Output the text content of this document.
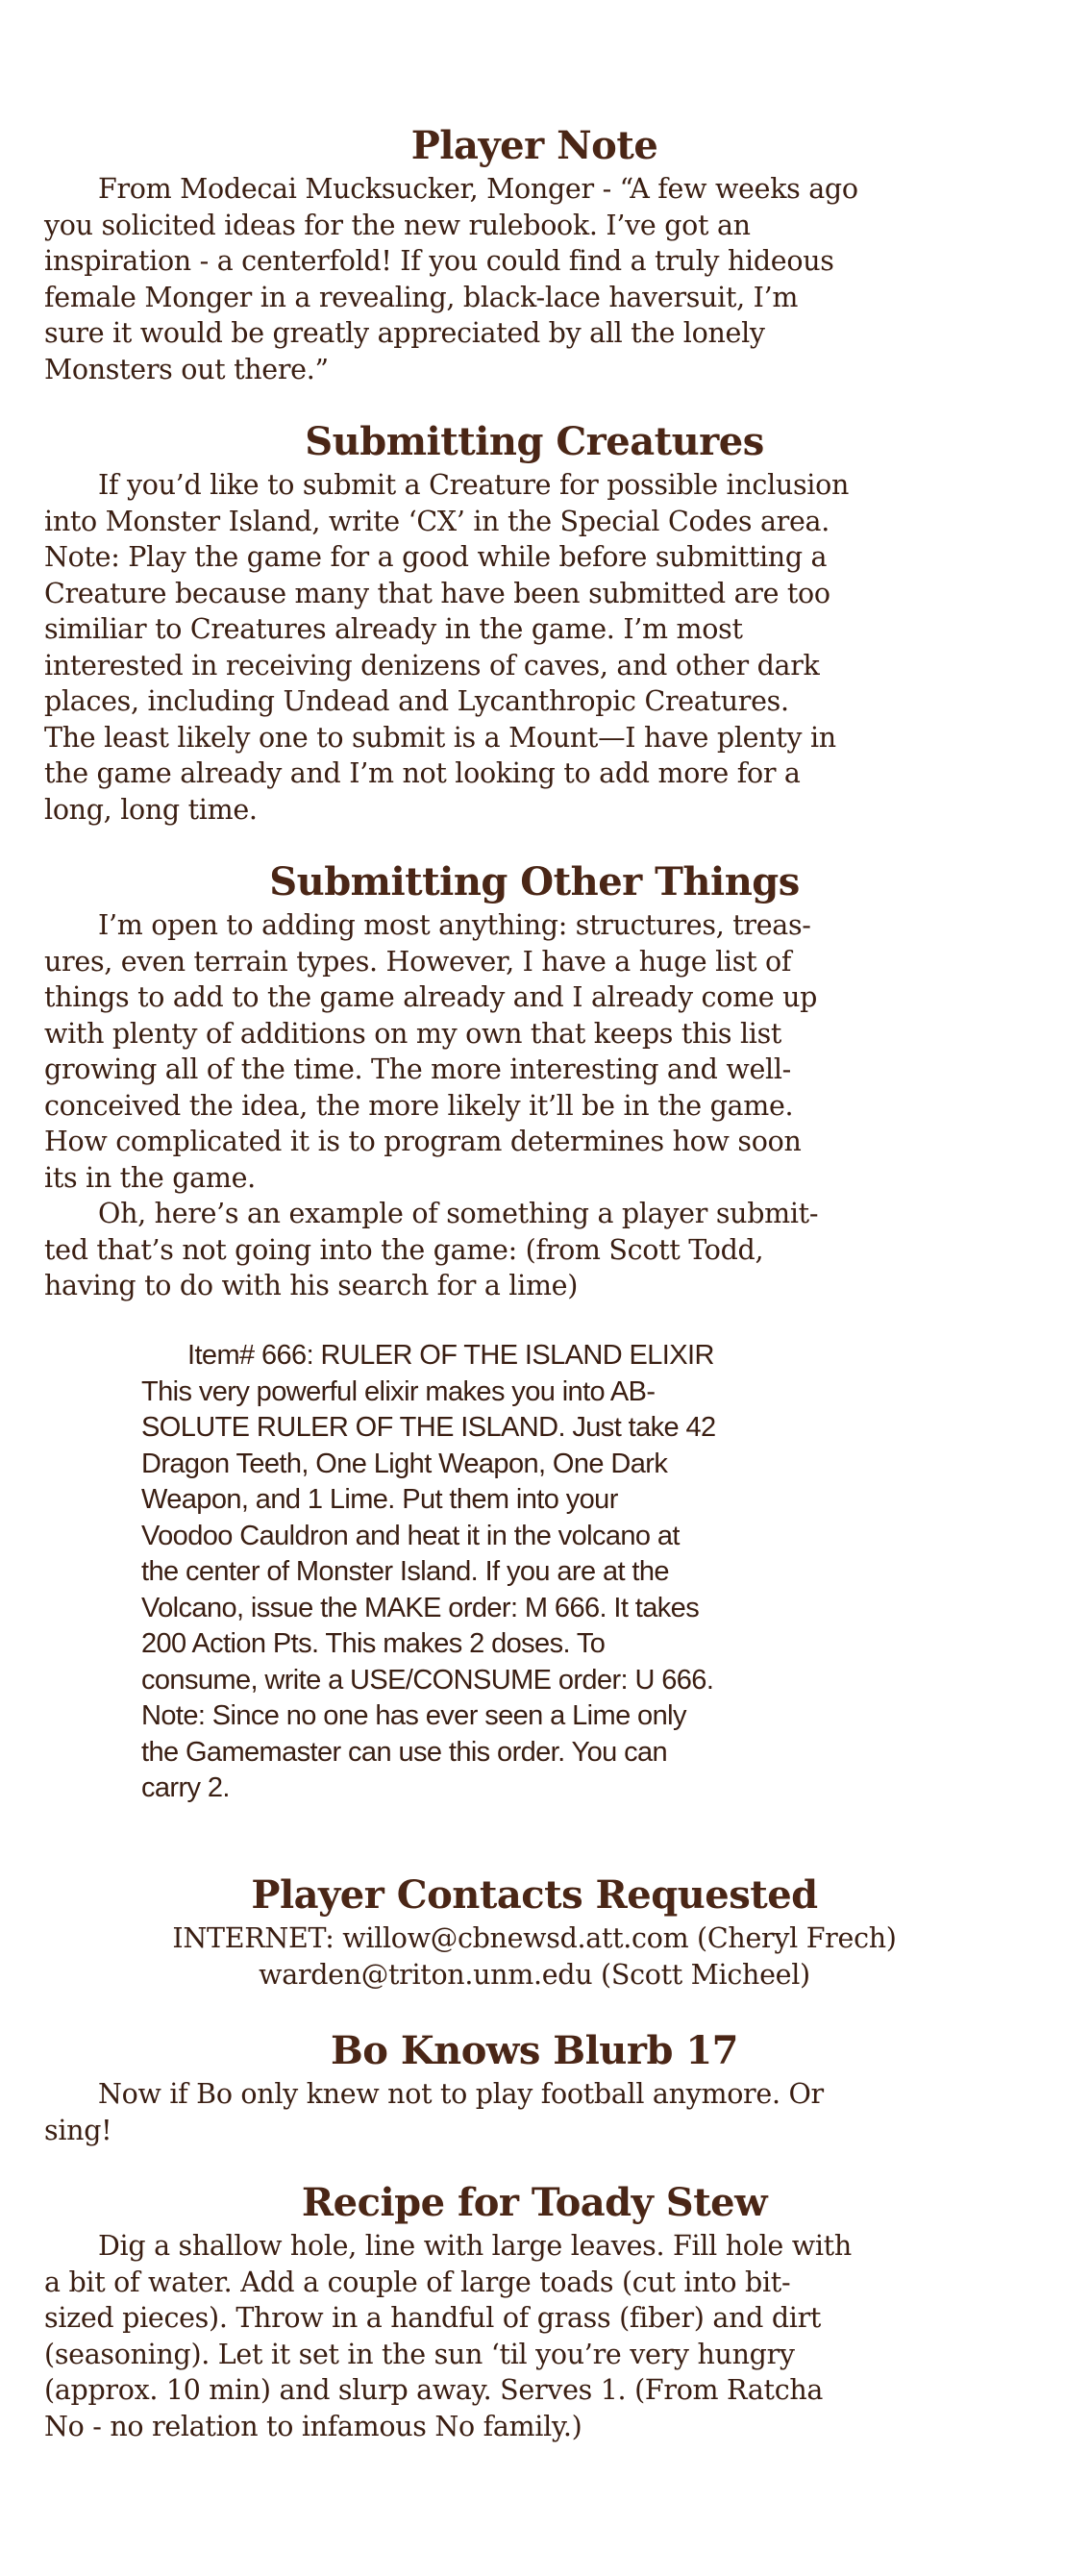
Player Note

From Modecai Mucksucker, Monger - “A few weeks ago

you solicited ideas for the new rulebook. I’ve got an

inspiration - a centerfold! If you could find a truly hideous

female Monger in a revealing, black-lace haversuit, I’m

sure it would be greatly appreciated by all the lonely

Monsters out there.”

Submitting Creatures

If you’d like to submit a Creature for possible inclusion

into Monster Island, write ‘CX’ in the Special Codes area.

Note: Play the game for a good while before submitting a

Creature because many that have been submitted are too

similiar to Creatures already in the game. I’m most

interested in receiving denizens of caves, and other dark

places, including Undead and Lycanthropic Creatures.

The least likely one to submit is a Mount—I have plenty in

the game already and I’m not looking to add more for a

long, long time.

Submitting Other Things

I’m open to adding most anything: structures, treas-

ures, even terrain types. However, I have a huge list of

things to add to the game already and I already come up

with plenty of additions on my own that keeps this list

growing all of the time. The more interesting and well-

conceived the idea, the more likely it’ll be in the game.

How complicated it is to program determines how soon

its in the game.

Oh, here’s an example of something a player submit-

ted that’s not going into the game: (from Scott Todd,

having to do with his search for a lime)

Item# 666: RULER OF THE ISLAND ELIXIR

This very powerful elixir makes you into AB-

SOLUTE RULER OF THE ISLAND. Just take 42

Dragon Teeth, One Light Weapon, One Dark

Weapon, and 1 Lime. Put them into your

Voodoo Cauldron and heat it in the volcano at

the center of Monster Island. If you are at the

Volcano, issue the MAKE order: M 666. It takes

200 Action Pts. This makes 2 doses. To

consume, write a USE/CONSUME order: U 666.

Note: Since no one has ever seen a Lime only

the Gamemaster can use this order. You can

carry 2.

Player Contacts Requested

INTERNET: willow@cbnewsd.att.com (Cheryl Frech)

warden@triton.unm.edu (Scott Micheel)

Bo Knows Blurb 17

Now if Bo only knew not to play football anymore. Or

sing!

Recipe for Toady Stew

Dig a shallow hole, line with large leaves. Fill hole with

a bit of water. Add a couple of large toads (cut into bit-

sized pieces). Throw in a handful of grass (fiber) and dirt

(seasoning). Let it set in the sun ‘til you’re very hungry

(approx. 10 min) and slurp away. Serves 1. (From Ratcha

No - no relation to infamous No family.)
